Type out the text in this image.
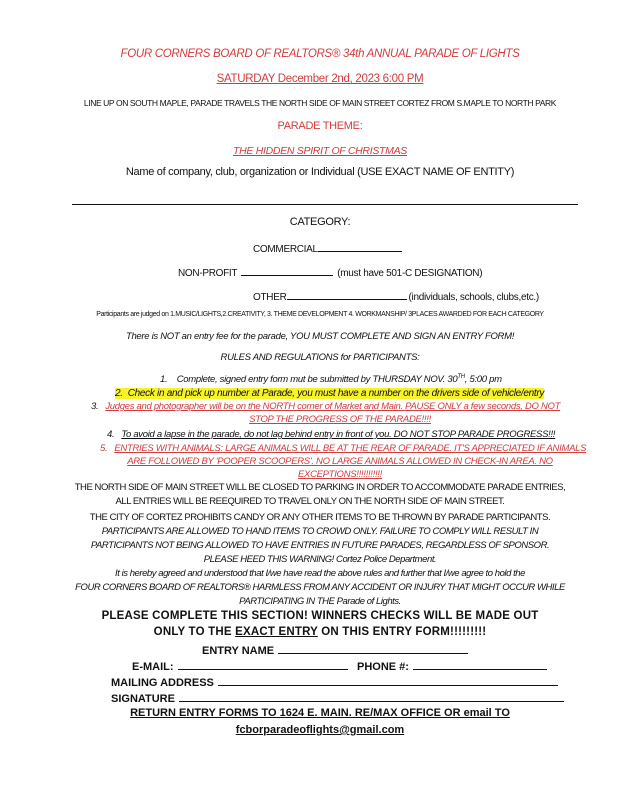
FOUR CORNERS BOARD OF REALTORS® 34th ANNUAL PARADE OF LIGHTS
SATURDAY December 2nd, 2023 6:00 PM
LINE UP ON SOUTH MAPLE, PARADE TRAVELS THE NORTH SIDE OF MAIN STREET CORTEZ FROM S.MAPLE TO NORTH PARK
PARADE THEME:
THE HIDDEN SPIRIT OF CHRISTMAS
Name of company, club, organization or Individual (USE EXACT NAME OF ENTITY)
CATEGORY:
COMMERCIAL
NON-PROFIT	(must have 501-C DESIGNATION)
OTHER	(individuals, schools, clubs,etc.)
Participants are judged on 1.MUSIC/LIGHTS,2.CREATIVITY, 3. THEME DEVELOPMENT 4. WORKMANSHIP/ 3PLACES AWARDED FOR EACH CATEGORY
There is NOT an entry fee for the parade, YOU MUST COMPLETE AND SIGN AN ENTRY FORM!
RULES AND REGULATIONS for PARTICIPANTS:
1. Complete, signed entry form mut be submitted by THURSDAY NOV. 30TH, 5:00 pm
2. Check in and pick up number at Parade, you must have a number on the drivers side of vehicle/entry
3. Judges and photographer will be on the NORTH corner of Market and Main. PAUSE ONLY a few seconds, DO NOT
STOP THE PROGRESS OF THE PARADE!!!!
4. To avoid a lapse in the parade, do not lag behind entry in front of you. DO NOT STOP PARADE PROGRESS!!!
5. ENTRIES WITH ANIMALS: LARGE ANIMALS WILL BE AT THE REAR OF PARADE. IT'S APPRECIATED IF ANIMALS
ARE FOLLOWED BY 'POOPER SCOOPERS'. NO LARGE ANIMALS ALLOWED IN CHECK-IN AREA. NO
EXCEPTIONS!!!!!!!!!!!
THE NORTH SIDE OF MAIN STREET WILL BE CLOSED TO PARKING IN ORDER TO ACCOMMODATE PARADE ENTRIES,
ALL ENTRIES WILL BE REEQUIRED TO TRAVEL ONLY ON THE NORTH SIDE OF MAIN STREET.
THE CITY OF CORTEZ PROHIBITS CANDY OR ANY OTHER ITEMS TO BE THROWN BY PARADE PARTICIPANTS.
PARTICIPANTS ARE ALLOWED TO HAND ITEMS TO CROWD ONLY. FAILURE TO COMPLY WILL RESULT IN
PARTICIPANTS NOT BEING ALLOWED TO HAVE ENTRIES IN FUTURE PARADES, REGARDLESS OF SPONSOR.
PLEASE HEED THIS WARNING! Cortez Police Department.
It is hereby agreed and understood that I/we have read the above rules and further that I/we agree to hold the
FOUR CORNERS BOARD OF REALTORS® HARMLESS FROM ANY ACCIDENT OR INJURY THAT MIGHT OCCUR WHILE
PARTICIPATING IN THE Parade of Lights.
PLEASE COMPLETE THIS SECTION! WINNERS CHECKS WILL BE MADE OUT
ONLY TO THE EXACT ENTRY ON THIS ENTRY FORM!!!!!!!!!
ENTRY NAME
E-MAIL:	PHONE #:
MAILING ADDRESS
SIGNATURE
RETURN ENTRY FORMS TO 1624 E. MAIN. RE/MAX OFFICE OR email TO
fcborparadeoflights@gmail.com
